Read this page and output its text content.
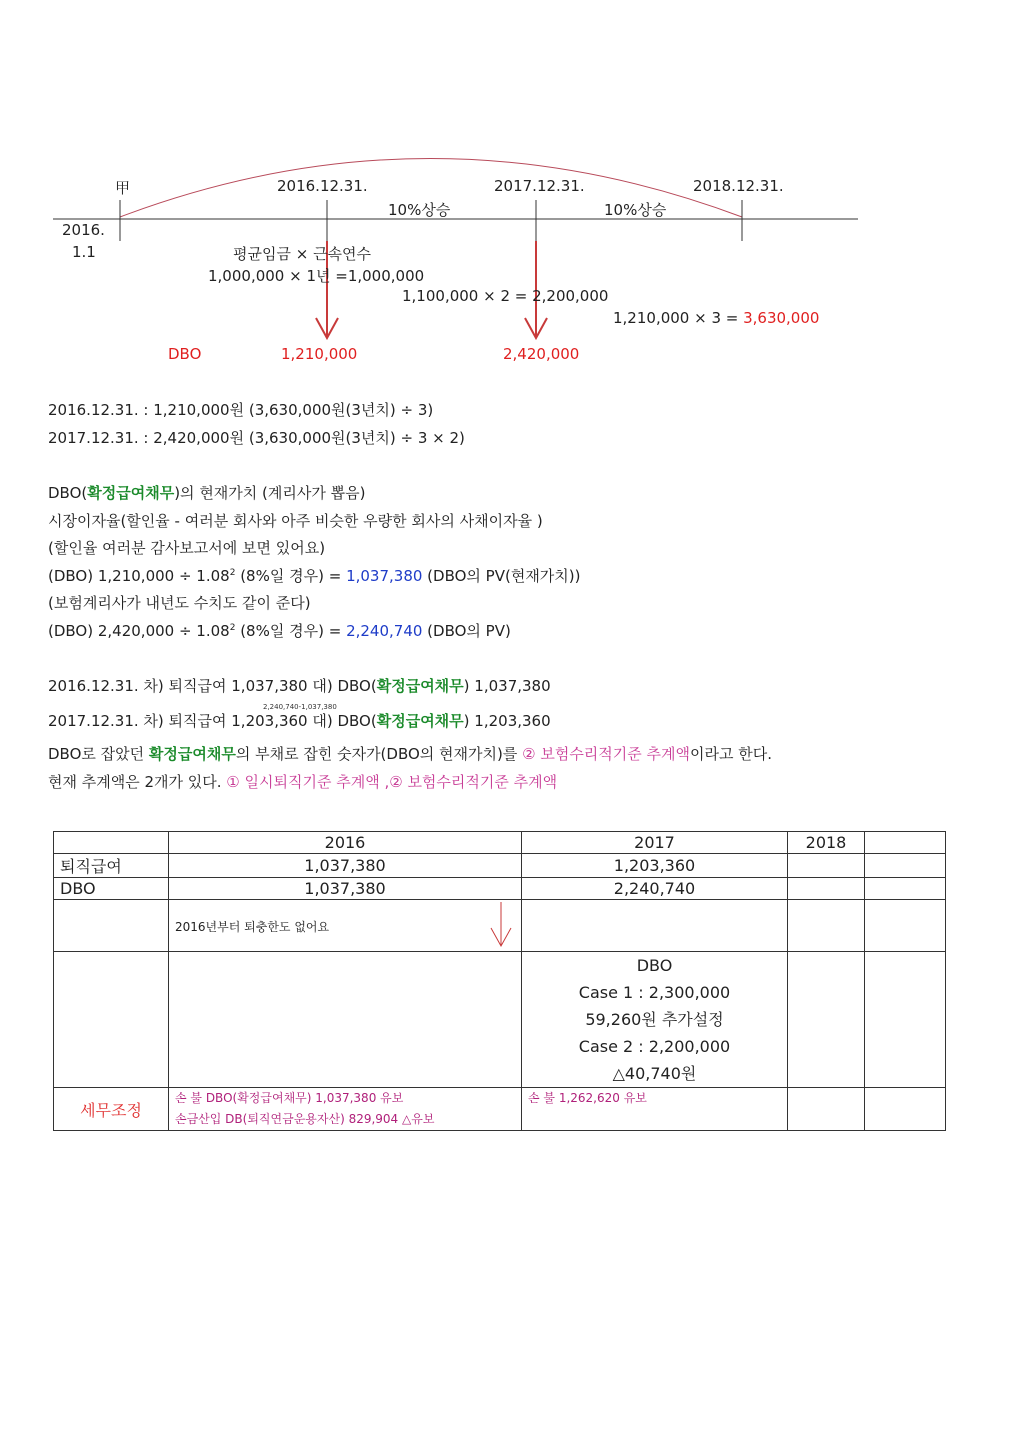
甲	2016.12.31.	2017.12.31.	2018.12.31.
10%상승	10%상승
2016.
1.1	평균임금 × 근속연수
1,000,000 × 1년 =1,000,000
1,100,000 × 2 = 2,200,000
1,210,000 × 3 = 3,630,000
DBO	1,210,000	2,420,000
2016.12.31. : 1,210,000원 (3,630,000원(3년치) ÷ 3)
2017.12.31. : 2,420,000원 (3,630,000원(3년치) ÷ 3 × 2)
DBO(확정급여채무)의 현재가치 (계리사가 뽑음)
시장이자율(할인율 - 여러분 회사와 아주 비슷한 우량한 회사의 사채이자율 )
(할인율 여러분 감사보고서에 보면 있어요)
(DBO) $1,210,000 \div 1.08^2$ (8%일 경우) = 1,037,380 (DBO의 PV(현재가치))
(보험계리사가 내년도 수치도 같이 준다)
(DBO) $2,420,000 \div 1.08^2$ (8%일 경우) = 2,240,740 (DBO의 PV)
2016.12.31. 차) 퇴직급여 1,037,380 대) DBO(확정급여채무) 1,037,380
2,240,740-1,037,380
2017.12.31. 차) 퇴직급여 1,203,360 대) DBO(확정급여채무) 1,203,360
DBO로 잡았던 확정급여채무의 부채로 잡힌 숫자가(DBO의 현재가치)를 ② 보험수리적기준 추계액이라고 한다.
현재 추계액은 2개가 있다. ① 일시퇴직기준 추계액 ,② 보험수리적기준 추계액
	2016	2017	2018	
퇴직급여	1,037,380	1,203,360		
DBO	1,037,380	2,240,740		
	2016년부터 퇴충한도 없어요

		DBO
Case 1 : 2,300,000
59,260원 추가설정
Case 2 : 2,200,000
△40,740원		

세무조정	손 불 DBO(확정급여채무) 1,037,380 유보
손금산입 DB(퇴직연금운용자산) 829,904 △유보	손 불 1,262,620 유보		
